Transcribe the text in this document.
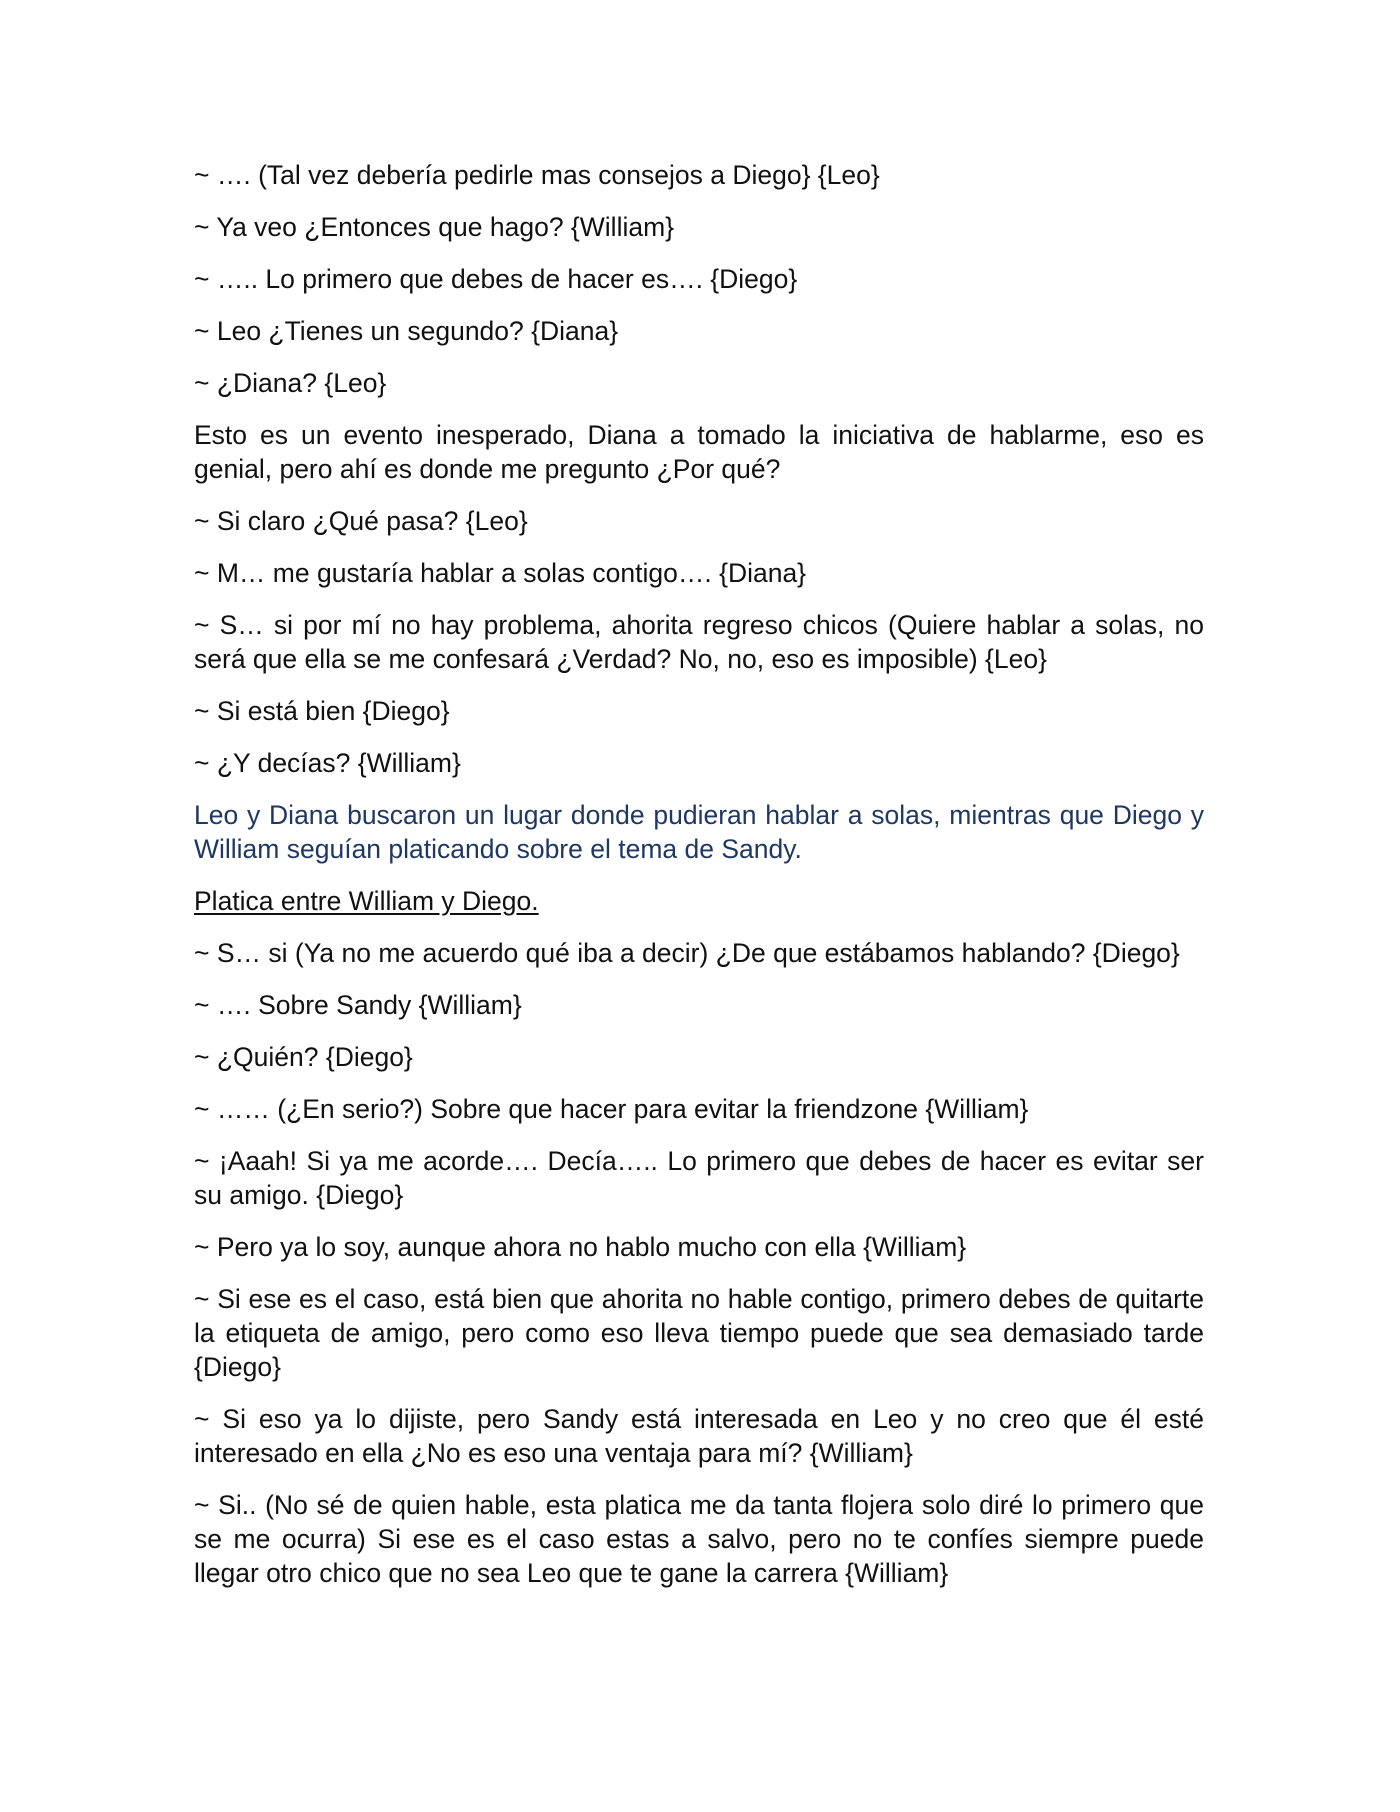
~ …. (Tal vez debería pedirle mas consejos a Diego} {Leo}

~ Ya veo ¿Entonces que hago? {William}

~ ….. Lo primero que debes de hacer es…. {Diego}

~ Leo ¿Tienes un segundo? {Diana}

~ ¿Diana? {Leo}

Esto es un evento inesperado, Diana a tomado la iniciativa de hablarme, eso es genial, pero ahí es donde me pregunto ¿Por qué?

~ Si claro ¿Qué pasa? {Leo}

~ M… me gustaría hablar a solas contigo…. {Diana}

~ S… si por mí no hay problema, ahorita regreso chicos (Quiere hablar a solas, no será que ella se me confesará ¿Verdad? No, no, eso es imposible) {Leo}

~ Si está bien {Diego}

~ ¿Y decías? {William}

Leo y Diana buscaron un lugar donde pudieran hablar a solas, mientras que Diego y William seguían platicando sobre el tema de Sandy.

Platica entre William y Diego.

~ S… si (Ya no me acuerdo qué iba a decir) ¿De que estábamos hablando? {Diego}

~ …. Sobre Sandy {William}

~ ¿Quién? {Diego}

~ …… (¿En serio?) Sobre que hacer para evitar la friendzone {William}

~ ¡Aaah! Si ya me acorde…. Decía….. Lo primero que debes de hacer es evitar ser su amigo. {Diego}

~ Pero ya lo soy, aunque ahora no hablo mucho con ella {William}

~ Si ese es el caso, está bien que ahorita no hable contigo, primero debes de quitarte la etiqueta de amigo, pero como eso lleva tiempo puede que sea demasiado tarde {Diego}

~ Si eso ya lo dijiste, pero Sandy está interesada en Leo y no creo que él esté interesado en ella ¿No es eso una ventaja para mí? {William}

~ Si.. (No sé de quien hable, esta platica me da tanta flojera solo diré lo primero que se me ocurra) Si ese es el caso estas a salvo, pero no te confíes siempre puede llegar otro chico que no sea Leo que te gane la carrera {William}
